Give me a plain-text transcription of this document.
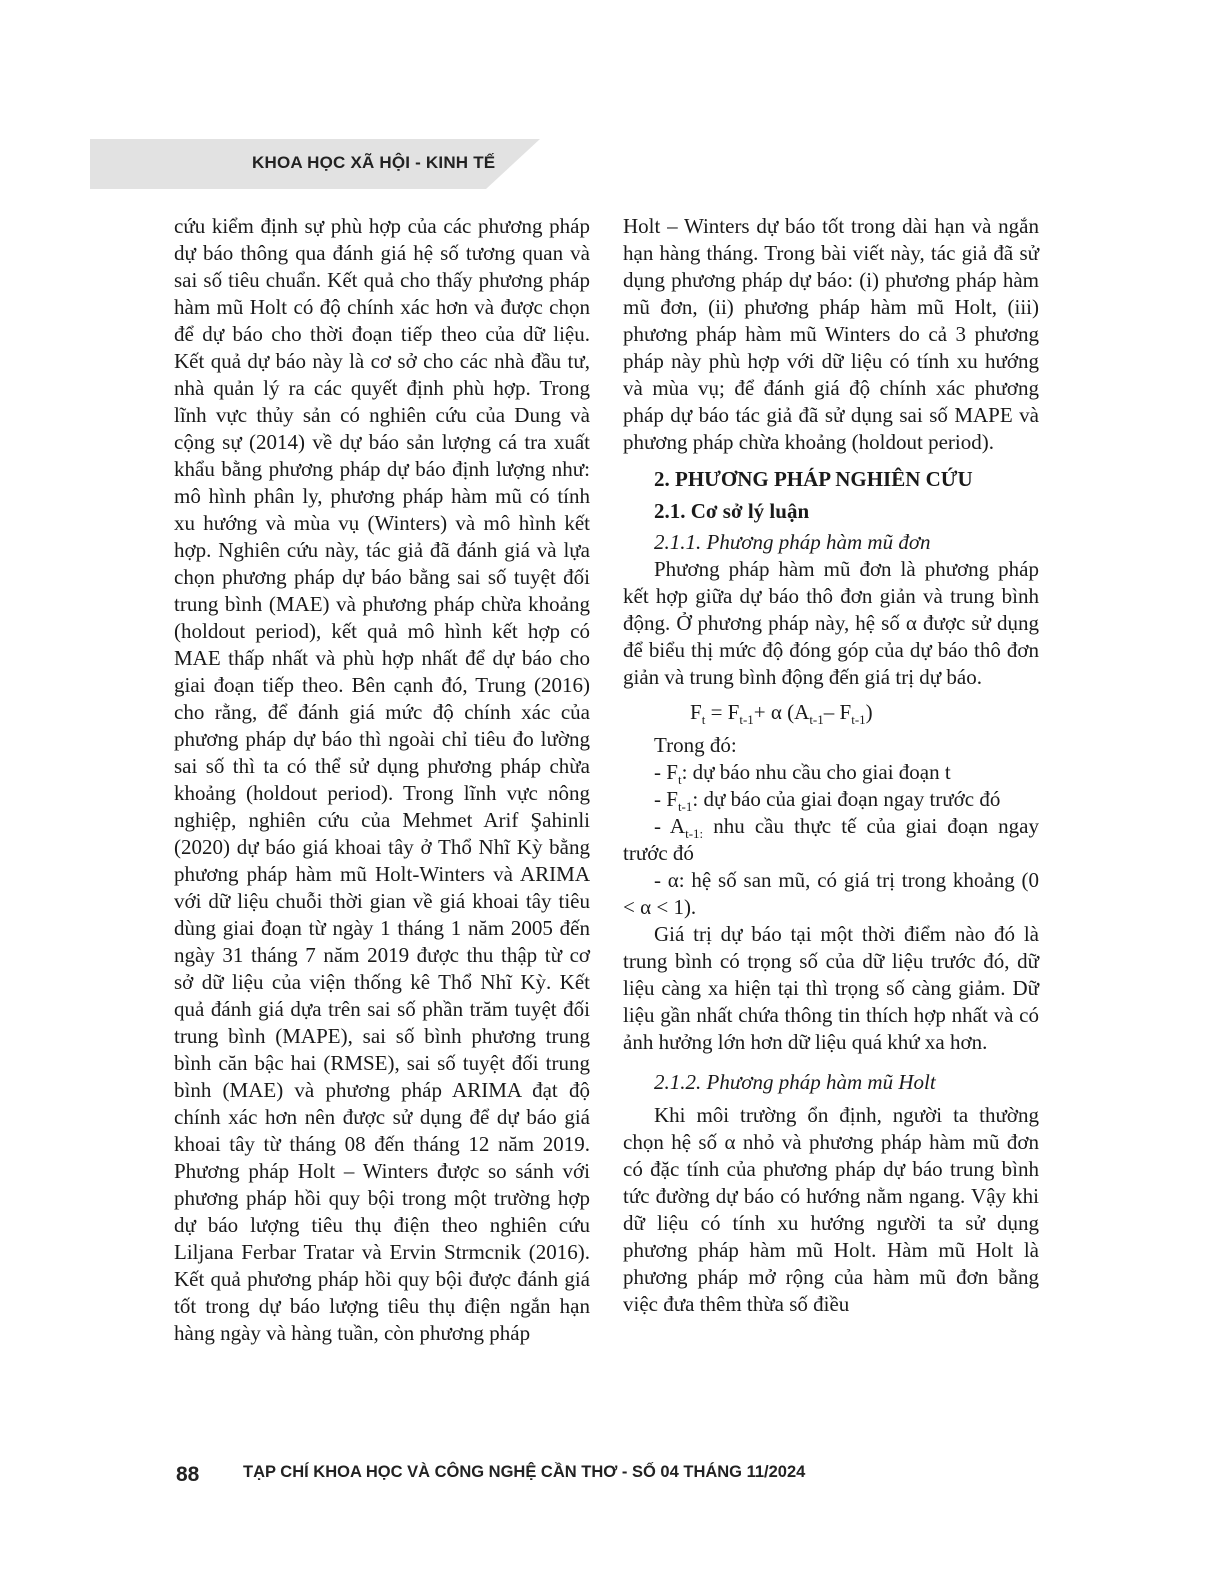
KHOA HỌC XÃ HỘI - KINH TẾ

cứu kiểm định sự phù hợp của các phương pháp dự báo thông qua đánh giá hệ số tương quan và sai số tiêu chuẩn. Kết quả cho thấy phương pháp hàm mũ Holt có độ chính xác hơn và được chọn để dự báo cho thời đoạn tiếp theo của dữ liệu. Kết quả dự báo này là cơ sở cho các nhà đầu tư, nhà quản lý ra các quyết định phù hợp. Trong lĩnh vực thủy sản có nghiên cứu của Dung và cộng sự (2014) về dự báo sản lượng cá tra xuất khẩu bằng phương pháp dự báo định lượng như: mô hình phân ly, phương pháp hàm mũ có tính xu hướng và mùa vụ (Winters) và mô hình kết hợp. Nghiên cứu này, tác giả đã đánh giá và lựa chọn phương pháp dự báo bằng sai số tuyệt đối trung bình (MAE) và phương pháp chừa khoảng (holdout period), kết quả mô hình kết hợp có MAE thấp nhất và phù hợp nhất để dự báo cho giai đoạn tiếp theo. Bên cạnh đó, Trung (2016) cho rằng, để đánh giá mức độ chính xác của phương pháp dự báo thì ngoài chỉ tiêu đo lường sai số thì ta có thể sử dụng phương pháp chừa khoảng (holdout period). Trong lĩnh vực nông nghiệp, nghiên cứu của Mehmet Arif Şahinli (2020) dự báo giá khoai tây ở Thổ Nhĩ Kỳ bằng phương pháp hàm mũ Holt-Winters và ARIMA với dữ liệu chuỗi thời gian về giá khoai tây tiêu dùng giai đoạn từ ngày 1 tháng 1 năm 2005 đến ngày 31 tháng 7 năm 2019 được thu thập từ cơ sở dữ liệu của viện thống kê Thổ Nhĩ Kỳ. Kết quả đánh giá dựa trên sai số phần trăm tuyệt đối trung bình (MAPE), sai số bình phương trung bình căn bậc hai (RMSE), sai số tuyệt đối trung bình (MAE) và phương pháp ARIMA đạt độ chính xác hơn nên được sử dụng để dự báo giá khoai tây từ tháng 08 đến tháng 12 năm 2019. Phương pháp Holt – Winters được so sánh với phương pháp hồi quy bội trong một trường hợp dự báo lượng tiêu thụ điện theo nghiên cứu Liljana Ferbar Tratar và Ervin Strmcnik (2016). Kết quả phương pháp hồi quy bội được đánh giá tốt trong dự báo lượng tiêu thụ điện ngắn hạn hàng ngày và hàng tuần, còn phương pháp

Holt – Winters dự báo tốt trong dài hạn và ngắn hạn hàng tháng. Trong bài viết này, tác giả đã sử dụng phương pháp dự báo: (i) phương pháp hàm mũ đơn, (ii) phương pháp hàm mũ Holt, (iii) phương pháp hàm mũ Winters do cả 3 phương pháp này phù hợp với dữ liệu có tính xu hướng và mùa vụ; để đánh giá độ chính xác phương pháp dự báo tác giả đã sử dụng sai số MAPE và phương pháp chừa khoảng (holdout period).

2. PHƯƠNG PHÁP NGHIÊN CỨU

2.1. Cơ sở lý luận

2.1.1. Phương pháp hàm mũ đơn

Phương pháp hàm mũ đơn là phương pháp kết hợp giữa dự báo thô đơn giản và trung bình động. Ở phương pháp này, hệ số α được sử dụng để biểu thị mức độ đóng góp của dự báo thô đơn giản và trung bình động đến giá trị dự báo.

$F_t = F_{t-1}+ \alpha$ ($A_{t-1}-$ $F_{t-1}$)

Trong đó:

- $F_t$: dự báo nhu cầu cho giai đoạn t

- $F_{t-1}$: dự báo của giai đoạn ngay trước đó

- $A_{t-1:}$ nhu cầu thực tế của giai đoạn ngay trước đó

- α: hệ số san mũ, có giá trị trong khoảng (0 < α < 1).

Giá trị dự báo tại một thời điểm nào đó là trung bình có trọng số của dữ liệu trước đó, dữ liệu càng xa hiện tại thì trọng số càng giảm. Dữ liệu gần nhất chứa thông tin thích hợp nhất và có ảnh hưởng lớn hơn dữ liệu quá khứ xa hơn.

2.1.2. Phương pháp hàm mũ Holt

Khi môi trường ổn định, người ta thường chọn hệ số α nhỏ và phương pháp hàm mũ đơn có đặc tính của phương pháp dự báo trung bình tức đường dự báo có hướng nằm ngang. Vậy khi dữ liệu có tính xu hướng người ta sử dụng phương pháp hàm mũ Holt. Hàm mũ Holt là phương pháp mở rộng của hàm mũ đơn bằng việc đưa thêm thừa số điều

88	TẠP CHÍ KHOA HỌC VÀ CÔNG NGHỆ CẦN THƠ - SỐ 04 THÁNG 11/2024
